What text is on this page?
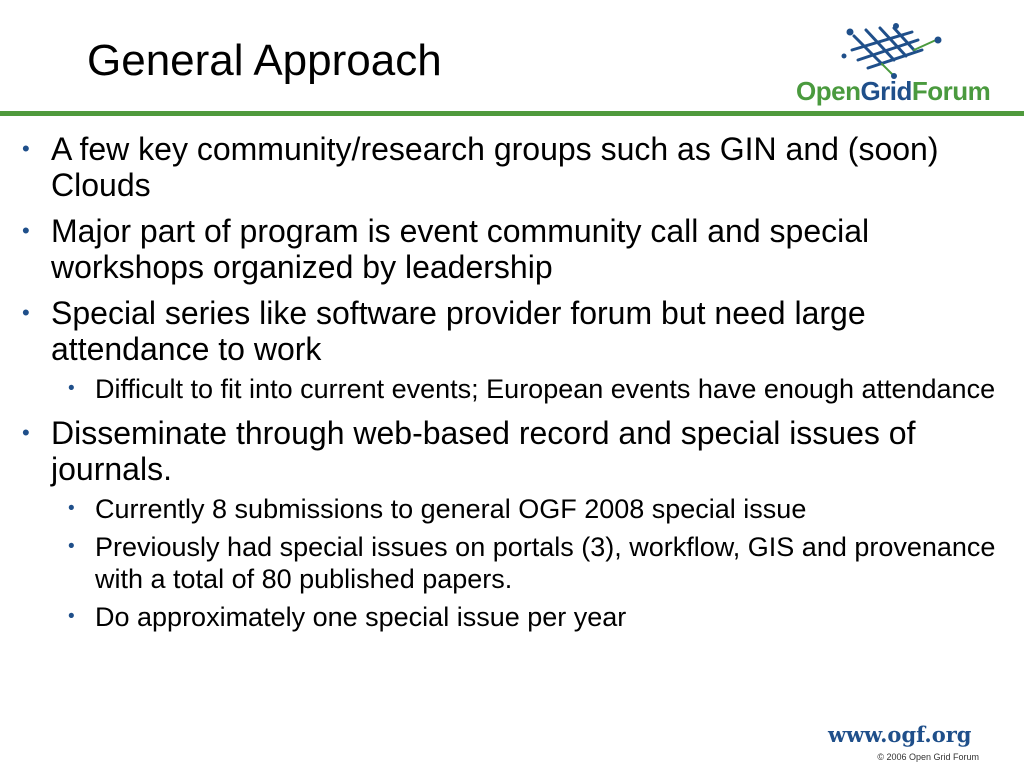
General Approach
OpenGridForum
• A few key community/research groups such as GIN and (soon) Clouds
• Major part of program is event community call and special workshops organized by leadership
• Special series like software provider forum but need large attendance to work
• Difficult to fit into current events; European events have enough attendance
• Disseminate through web-based record and special issues of journals.
• Currently 8 submissions to general OGF 2008 special issue
• Previously had special issues on portals (3), workflow, GIS and provenance with a total of 80 published papers.
• Do approximately one special issue per year
www.ogf.org
© 2006 Open Grid Forum
